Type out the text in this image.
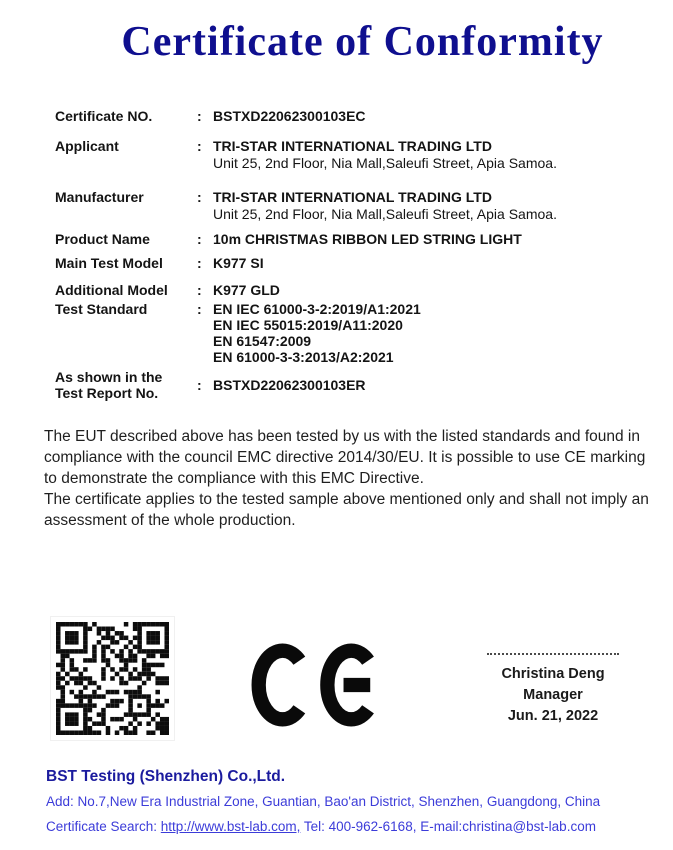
Certificate of Conformity
Certificate NO.	: BSTXD22062300103EC
Applicant	: TRI-STAR INTERNATIONAL TRADING LTD
Unit 25, 2nd Floor, Nia Mall,Saleufi Street, Apia Samoa.
Manufacturer	: TRI-STAR INTERNATIONAL TRADING LTD
Unit 25, 2nd Floor, Nia Mall,Saleufi Street, Apia Samoa.
Product Name	: 10m CHRISTMAS RIBBON LED STRING LIGHT
Main Test Model	: K977 SI
Additional Model	: K977 GLD
Test Standard	: EN IEC 61000-3-2:2019/A1:2021
EN IEC 55015:2019/A11:2020
EN 61547:2009
EN 61000-3-3:2013/A2:2021
As shown in the
Test Report No.	: BSTXD22062300103ER
The EUT described above has been tested by us with the listed standards and found in compliance with the council EMC directive 2014/30/EU. It is possible to use CE marking to demonstrate the compliance with this EMC Directive.
The certificate applies to the tested sample above mentioned only and shall not imply an assessment of the whole production.
Christina Deng
Manager
Jun. 21, 2022
BST Testing (Shenzhen) Co.,Ltd.
Add: No.7,New Era Industrial Zone, Guantian, Bao'an District, Shenzhen, Guangdong, China
Certificate Search: http://www.bst-lab.com, Tel: 400-962-6168, E-mail:christina@bst-lab.com
